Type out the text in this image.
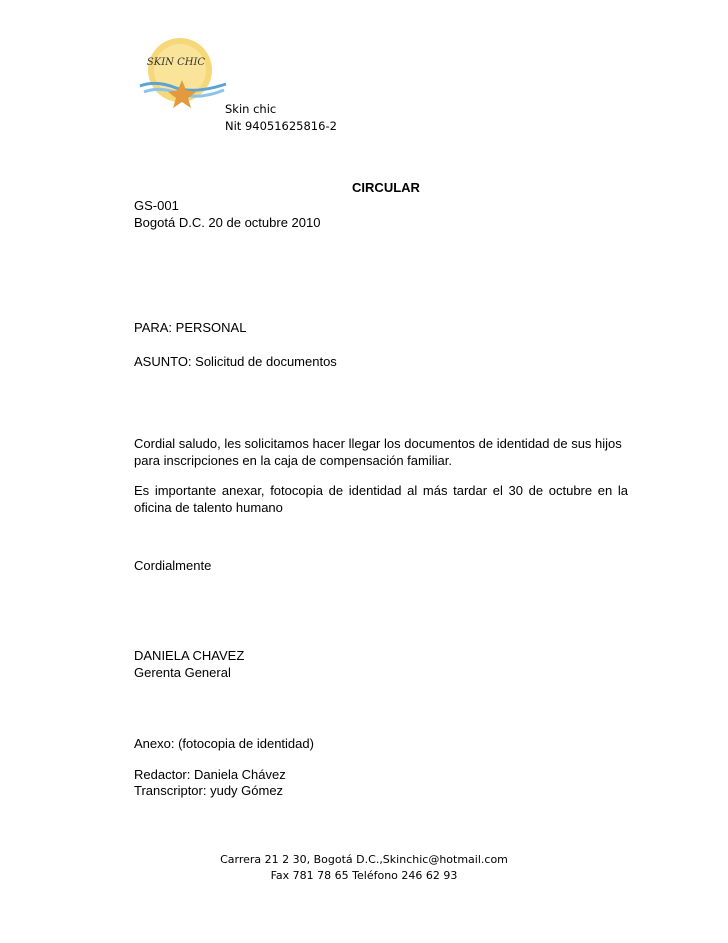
SKIN CHIC
Skin chic
Nit 94051625816-2
CIRCULAR
GS-001
Bogotá D.C. 20 de octubre 2010
PARA: PERSONAL
ASUNTO: Solicitud de documentos
Cordial saludo, les solicitamos hacer llegar los documentos de identidad de sus hijos
para inscripciones en la caja de compensación familiar.
Es importante anexar, fotocopia de identidad al más tardar el 30 de octubre en la oficina de talento humano
Cordialmente
DANIELA CHAVEZ
Gerenta General
Anexo: (fotocopia de identidad)
Redactor: Daniela Chávez
Transcriptor: yudy Gómez
Carrera 21 2 30, Bogotá D.C.,Skinchic@hotmail.com
Fax 781 78 65 Teléfono 246 62 93
